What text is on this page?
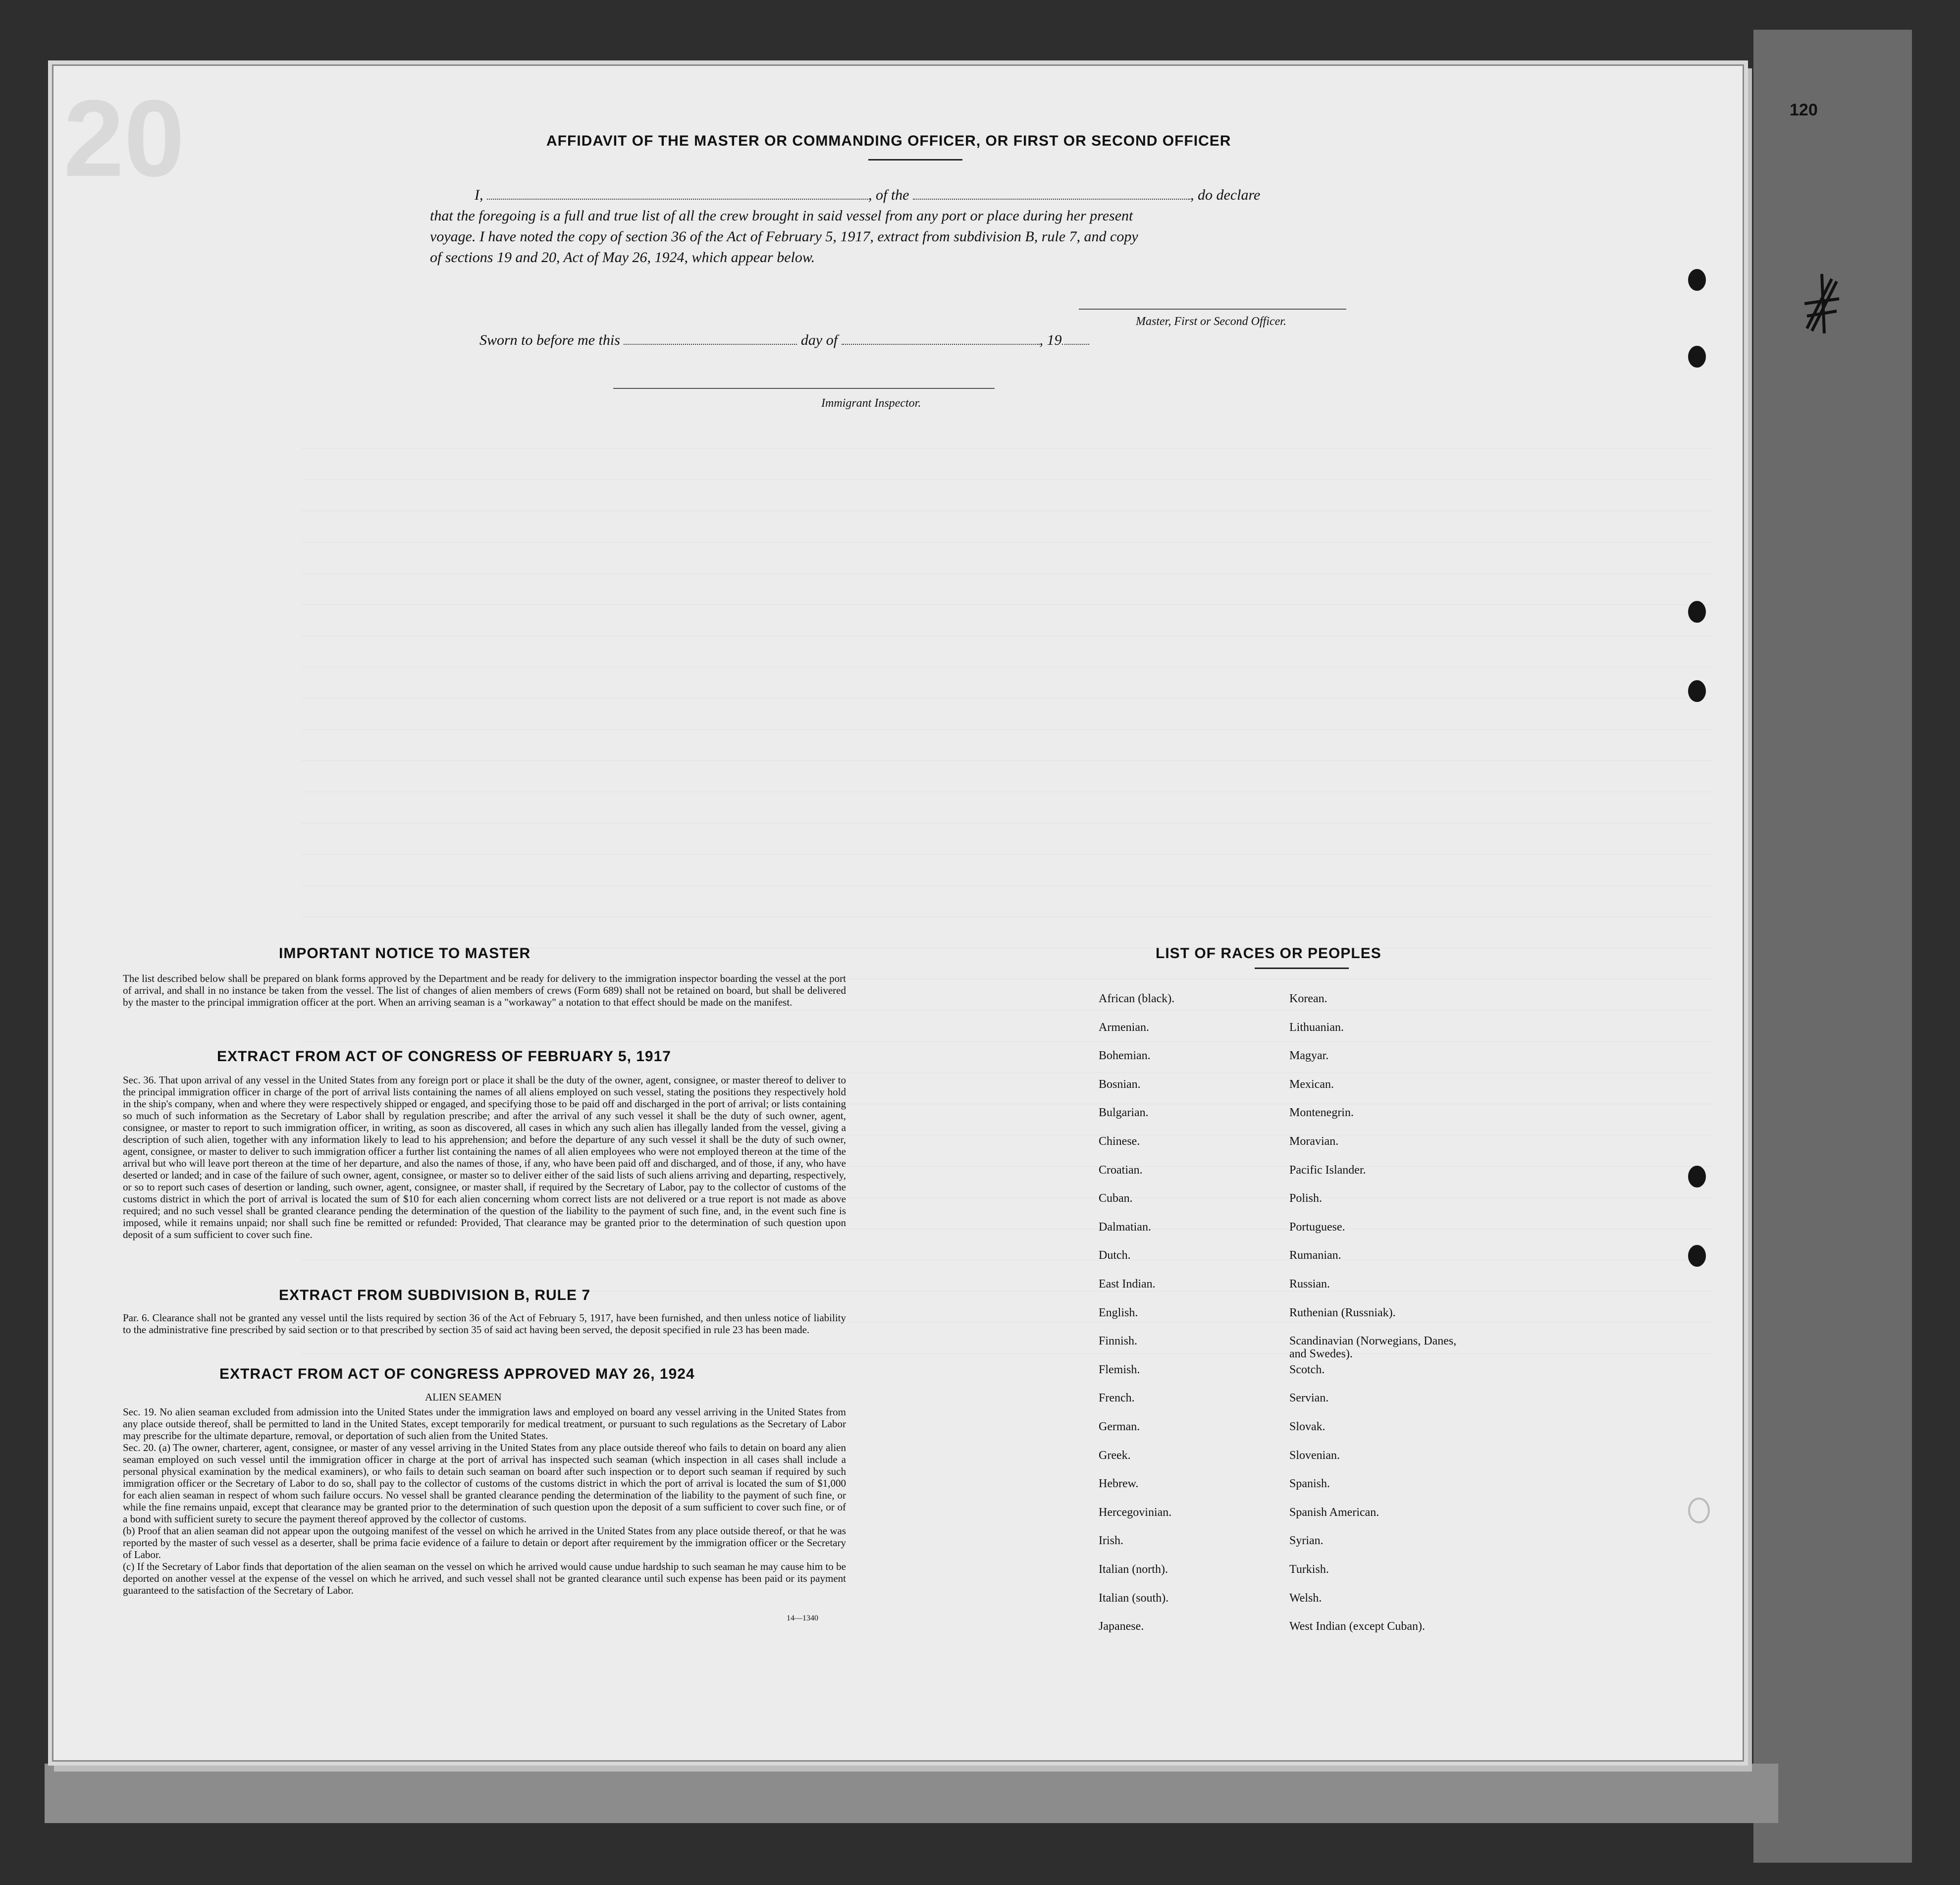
20	AFFIDAVIT OF THE MASTER OR COMMANDING OFFICER, OR FIRST OR SECOND OFFICER
I,	, of the	, do declare
that the foregoing is a full and true list of all the crew brought in said vessel from any port or place during her present
voyage. I have noted the copy of section 36 of the Act of February 5, 1917, extract from subdivision B, rule 7, and copy
of sections 19 and 20, Act of May 26, 1924, which appear below.
Master, First or Second Officer.
Sworn to before me this	day of	, 19
Immigrant Inspector.
IMPORTANT NOTICE TO MASTER
The list described below shall be prepared on blank forms approved by the Department and be ready for delivery to the immigration inspector boarding the vessel at the port of arrival, and shall in no instance be taken from the vessel. The list of changes of alien members of crews (Form 689) shall not be retained on board, but shall be delivered by the master to the principal immigration officer at the port. When an arriving seaman is a "workaway" a notation to that effect should be made on the manifest.
EXTRACT FROM ACT OF CONGRESS OF FEBRUARY 5, 1917
Sec. 36. That upon arrival of any vessel in the United States from any foreign port or place it shall be the duty of the owner, agent, consignee, or master thereof to deliver to the principal immigration officer in charge of the port of arrival lists containing the names of all aliens employed on such vessel, stating the positions they respectively hold in the ship's company, when and where they were respectively shipped or engaged, and specifying those to be paid off and discharged in the port of arrival; or lists containing so much of such information as the Secretary of Labor shall by regulation prescribe; and after the arrival of any such vessel it shall be the duty of such owner, agent, consignee, or master to report to such immigration officer, in writing, as soon as discovered, all cases in which any such alien has illegally landed from the vessel, giving a description of such alien, together with any information likely to lead to his apprehension; and before the departure of any such vessel it shall be the duty of such owner, agent, consignee, or master to deliver to such immigration officer a further list containing the names of all alien employees who were not employed thereon at the time of the arrival but who will leave port thereon at the time of her departure, and also the names of those, if any, who have been paid off and discharged, and of those, if any, who have deserted or landed; and in case of the failure of such owner, agent, consignee, or master so to deliver either of the said lists of such aliens arriving and departing, respectively, or so to report such cases of desertion or landing, such owner, agent, consignee, or master shall, if required by the Secretary of Labor, pay to the collector of customs of the customs district in which the port of arrival is located the sum of $10 for each alien concerning whom correct lists are not delivered or a true report is not made as above required; and no such vessel shall be granted clearance pending the determination of the question of the liability to the payment of such fine, and, in the event such fine is imposed, while it remains unpaid; nor shall such fine be remitted or refunded: Provided, That clearance may be granted prior to the determination of such question upon deposit of a sum sufficient to cover such fine.
EXTRACT FROM SUBDIVISION B, RULE 7
Par. 6. Clearance shall not be granted any vessel until the lists required by section 36 of the Act of February 5, 1917, have been furnished, and then unless notice of liability to the administrative fine prescribed by said section or to that prescribed by section 35 of said act having been served, the deposit specified in rule 23 has been made.
EXTRACT FROM ACT OF CONGRESS APPROVED MAY 26, 1924
ALIEN SEAMEN

Sec. 19. No alien seaman excluded from admission into the United States under the immigration laws and employed on board any vessel arriving in the United States from any place outside thereof, shall be permitted to land in the United States, except temporarily for medical treatment, or pursuant to such regulations as the Secretary of Labor may prescribe for the ultimate departure, removal, or deportation of such alien from the United States.

Sec. 20. (a) The owner, charterer, agent, consignee, or master of any vessel arriving in the United States from any place outside thereof who fails to detain on board any alien seaman employed on such vessel until the immigration officer in charge at the port of arrival has inspected such seaman (which inspection in all cases shall include a personal physical examination by the medical examiners), or who fails to detain such seaman on board after such inspection or to deport such seaman if required by such immigration officer or the Secretary of Labor to do so, shall pay to the collector of customs of the customs district in which the port of arrival is located the sum of $1,000 for each alien seaman in respect of whom such failure occurs. No vessel shall be granted clearance pending the determination of the liability to the payment of such fine, or while the fine remains unpaid, except that clearance may be granted prior to the determination of such question upon the deposit of a sum sufficient to cover such fine, or of a bond with sufficient surety to secure the payment thereof approved by the collector of customs.

(b) Proof that an alien seaman did not appear upon the outgoing manifest of the vessel on which he arrived in the United States from any place outside thereof, or that he was reported by the master of such vessel as a deserter, shall be prima facie evidence of a failure to detain or deport after requirement by the immigration officer or the Secretary of Labor.

(c) If the Secretary of Labor finds that deportation of the alien seaman on the vessel on which he arrived would cause undue hardship to such seaman he may cause him to be deported on another vessel at the expense of the vessel on which he arrived, and such vessel shall not be granted clearance until such expense has been paid or its payment guaranteed to the satisfaction of the Secretary of Labor.

14—1340
LIST OF RACES OR PEOPLES
African (black).
Armenian.
Bohemian.
Bosnian.
Bulgarian.
Chinese.
Croatian.
Cuban.
Dalmatian.
Dutch.
East Indian.
English.
Finnish.
Flemish.
French.
German.
Greek.
Hebrew.
Hercegovinian.
Irish.
Italian (north).
Italian (south).
Japanese.
Korean.
Lithuanian.
Magyar.
Mexican.
Montenegrin.
Moravian.
Pacific Islander.
Polish.
Portuguese.
Rumanian.
Russian.
Ruthenian (Russniak).
Scandinavian (Norwegians, Danes, and Swedes).
Scotch.
Servian.
Slovak.
Slovenian.
Spanish.
Spanish American.
Syrian.
Turkish.
Welsh.
West Indian (except Cuban).
120
